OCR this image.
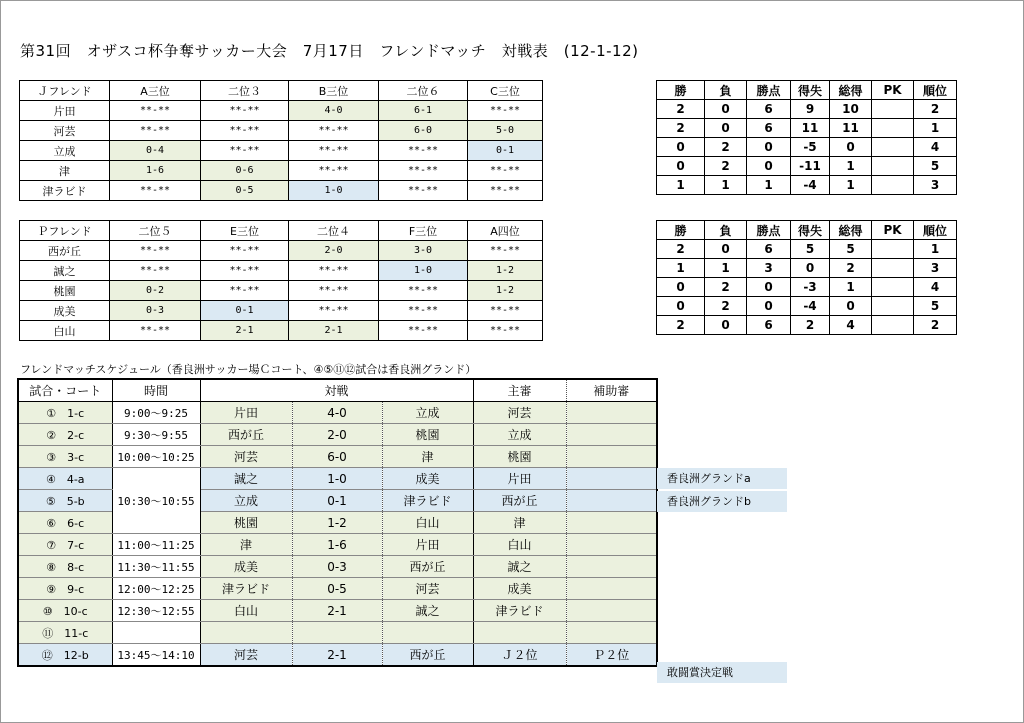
第31回　オザスコ杯争奪サッカー大会　7月17日　フレンドマッチ　対戦表　(12-1-12)
Ｊフレンド	A三位	二位３	B三位	二位６	C三位
片田	**-**	**-**	4-0	6-1	**-**
河芸	**-**	**-**	**-**	6-0	5-0
立成	0-4	**-**	**-**	**-**	0-1
津	1-6	0-6	**-**	**-**	**-**
津ラビド	**-**	0-5	1-0	**-**	**-**
勝	負	勝点	得失	総得	PK	順位
2	0	6	9	10		2
2	0	6	11	11		1
0	2	0	-5	0		4
0	2	0	-11	1		5
1	1	1	-4	1		3
Ｐフレンド	二位５	E三位	二位４	F三位	A四位
西が丘	**-**	**-**	2-0	3-0	**-**
誠之	**-**	**-**	**-**	1-0	1-2
桃園	0-2	**-**	**-**	**-**	1-2
成美	0-3	0-1	**-**	**-**	**-**
白山	**-**	2-1	2-1	**-**	**-**
勝	負	勝点	得失	総得	PK	順位
2	0	6	5	5		1
1	1	3	0	2		3
0	2	0	-3	1		4
0	2	0	-4	0		5
2	0	6	2	4		2
フレンドマッチスケジュール（香良洲サッカー場Ｃコート、④⑤⑪⑫試合は香良洲グランド）
試合・コート	時間	対戦			主審	補助審
①　1-c	9:00～9:25	片田	4-0	立成	河芸	
②　2-c	9:30～9:55	西が丘	2-0	桃園	立成	
③　3-c	10:00～10:25	河芸	6-0	津	桃園	
④　4-a	10:30～10:55	誠之	1-0	成美	片田	
⑤　5-b		立成	0-1	津ラビド	西が丘	
⑥　6-c		桃園	1-2	白山	津	
⑦　7-c	11:00～11:25	津	1-6	片田	白山	
⑧　8-c	11:30～11:55	成美	0-3	西が丘	誠之	
⑨　9-c	12:00～12:25	津ラビド	0-5	河芸	成美	
⑩　10-c	12:30～12:55	白山	2-1	誠之	津ラビド	
⑪　11-c						
⑫　12-b	13:45～14:10	河芸	2-1	西が丘	Ｊ２位	Ｐ２位
香良洲グランドa
香良洲グランドb
敢闘賞決定戦
